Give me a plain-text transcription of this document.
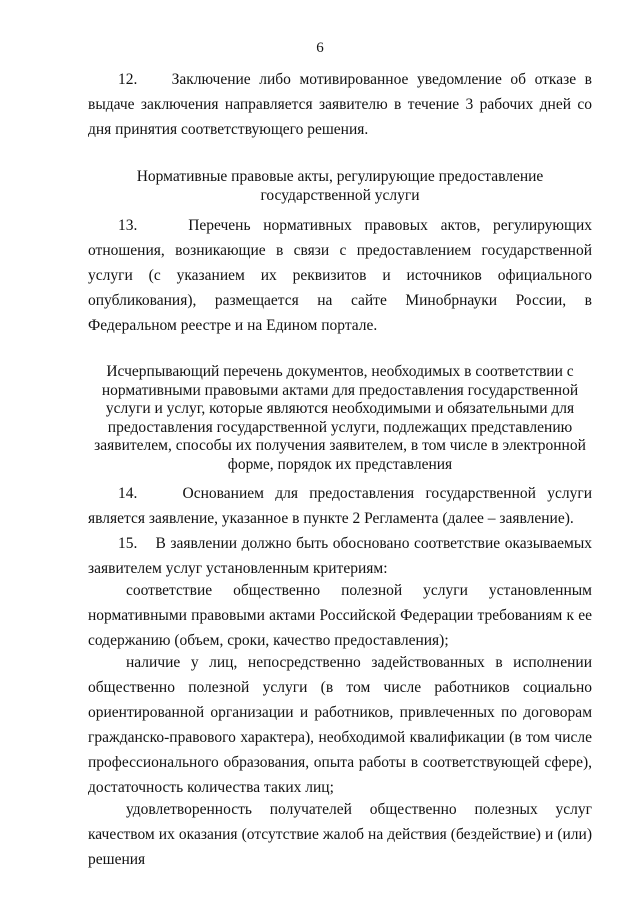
6
12.    Заключение либо мотивированное уведомление об отказе в выдаче заключения направляется заявителю в течение 3 рабочих дней со дня принятия соответствующего решения.
Нормативные правовые акты, регулирующие предоставление государственной услуги
13.    Перечень нормативных правовых актов, регулирующих отношения, возникающие в связи с предоставлением государственной услуги (с указанием их реквизитов и источников официального опубликования), размещается на сайте Минобрнауки России, в Федеральном реестре и на Едином портале.
Исчерпывающий перечень документов, необходимых в соответствии с нормативными правовыми актами для предоставления государственной услуги и услуг, которые являются необходимыми и обязательными для предоставления государственной услуги, подлежащих представлению заявителем, способы их получения заявителем, в том числе в электронной форме, порядок их представления
14.    Основанием для предоставления государственной услуги является заявление, указанное в пункте 2 Регламента (далее – заявление).
15.    В заявлении должно быть обосновано соответствие оказываемых заявителем услуг установленным критериям:
соответствие общественно полезной услуги установленным нормативными правовыми актами Российской Федерации требованиям к ее содержанию (объем, сроки, качество предоставления);
наличие у лиц, непосредственно задействованных в исполнении общественно полезной услуги (в том числе работников социально ориентированной организации и работников, привлеченных по договорам гражданско-правового характера), необходимой квалификации (в том числе профессионального образования, опыта работы в соответствующей сфере), достаточность количества таких лиц;
удовлетворенность получателей общественно полезных услуг качеством их оказания (отсутствие жалоб на действия (бездействие) и (или) решения
